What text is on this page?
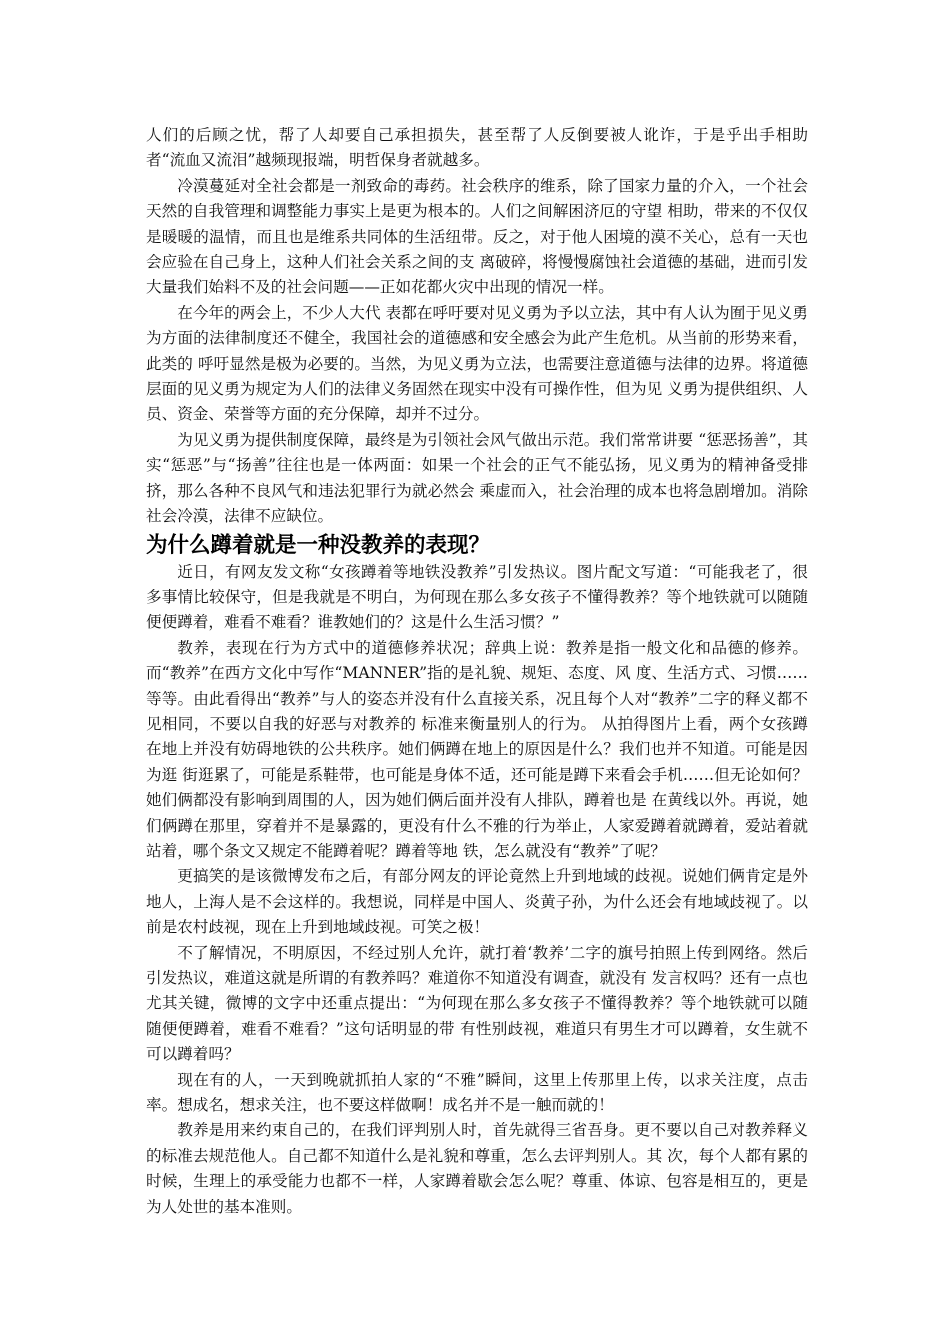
人们的后顾之忧，帮了人却要自己承担损失，甚至帮了人反倒要被人讹诈，于是乎出手相助者“流血又流泪”越频现报端，明哲保身者就越多。

冷漠蔓延对全社会都是一剂致命的毒药。社会秩序的维系，除了国家力量的介入，一个社会天然的自我管理和调整能力事实上是更为根本的。人们之间解困济厄的守望 相助，带来的不仅仅是暖暖的温情，而且也是维系共同体的生活纽带。反之，对于他人困境的漠不关心，总有一天也会应验在自己身上，这种人们社会关系之间的支 离破碎，将慢慢腐蚀社会道德的基础，进而引发大量我们始料不及的社会问题——正如花都火灾中出现的情况一样。

在今年的两会上，不少人大代 表都在呼吁要对见义勇为予以立法，其中有人认为囿于见义勇为方面的法律制度还不健全，我国社会的道德感和安全感会为此产生危机。从当前的形势来看，此类的 呼吁显然是极为必要的。当然，为见义勇为立法，也需要注意道德与法律的边界。将道德层面的见义勇为规定为人们的法律义务固然在现实中没有可操作性，但为见 义勇为提供组织、人员、资金、荣誉等方面的充分保障，却并不过分。

为见义勇为提供制度保障，最终是为引领社会风气做出示范。我们常常讲要 “惩恶扬善”，其实“惩恶”与“扬善”往往也是一体两面：如果一个社会的正气不能弘扬，见义勇为的精神备受排挤，那么各种不良风气和违法犯罪行为就必然会 乘虚而入，社会治理的成本也将急剧增加。消除社会冷漠，法律不应缺位。

为什么蹲着就是一种没教养的表现？

近日，有网友发文称“女孩蹲着等地铁没教养”引发热议。图片配文写道：“可能我老了，很多事情比较保守，但是我就是不明白，为何现在那么多女孩子不懂得教养？等个地铁就可以随随便便蹲着，难看不难看？谁教她们的？这是什么生活习惯？”

教养，表现在行为方式中的道德修养状况；辞典上说：教养是指一般文化和品德的修养。而“教养”在西方文化中写作“MANNER”指的是礼貌、规矩、态度、风 度、生活方式、习惯……等等。由此看得出“教养”与人的姿态并没有什么直接关系，况且每个人对“教养”二字的释义都不见相同，不要以自我的好恶与对教养的 标准来衡量别人的行为。 从拍得图片上看，两个女孩蹲在地上并没有妨碍地铁的公共秩序。她们俩蹲在地上的原因是什么？我们也并不知道。可能是因为逛 街逛累了，可能是系鞋带，也可能是身体不适，还可能是蹲下来看会手机……但无论如何？她们俩都没有影响到周围的人，因为她们俩后面并没有人排队，蹲着也是 在黄线以外。再说，她们俩蹲在那里，穿着并不是暴露的，更没有什么不雅的行为举止，人家爱蹲着就蹲着，爱站着就站着，哪个条文又规定不能蹲着呢？蹲着等地 铁，怎么就没有“教养”了呢？

更搞笑的是该微博发布之后，有部分网友的评论竟然上升到地域的歧视。说她们俩肯定是外地人，上海人是不会这样的。我想说，同样是中国人、炎黄子孙，为什么还会有地域歧视了。以前是农村歧视，现在上升到地域歧视。可笑之极！

不了解情况，不明原因，不经过别人允许，就打着‘教养’二字的旗号拍照上传到网络。然后引发热议，难道这就是所谓的有教养吗？难道你不知道没有调查，就没有 发言权吗？还有一点也尤其关键，微博的文字中还重点提出：“为何现在那么多女孩子不懂得教养？等个地铁就可以随随便便蹲着，难看不难看？”这句话明显的带 有性别歧视，难道只有男生才可以蹲着，女生就不可以蹲着吗？

现在有的人，一天到晚就抓拍人家的“不雅”瞬间，这里上传那里上传，以求关注度，点击率。想成名，想求关注，也不要这样做啊！成名并不是一触而就的！

教养是用来约束自己的，在我们评判别人时，首先就得三省吾身。更不要以自己对教养释义的标准去规范他人。自己都不知道什么是礼貌和尊重，怎么去评判别人。其 次，每个人都有累的时候，生理上的承受能力也都不一样，人家蹲着歇会怎么呢？尊重、体谅、包容是相互的，更是为人处世的基本准则。
